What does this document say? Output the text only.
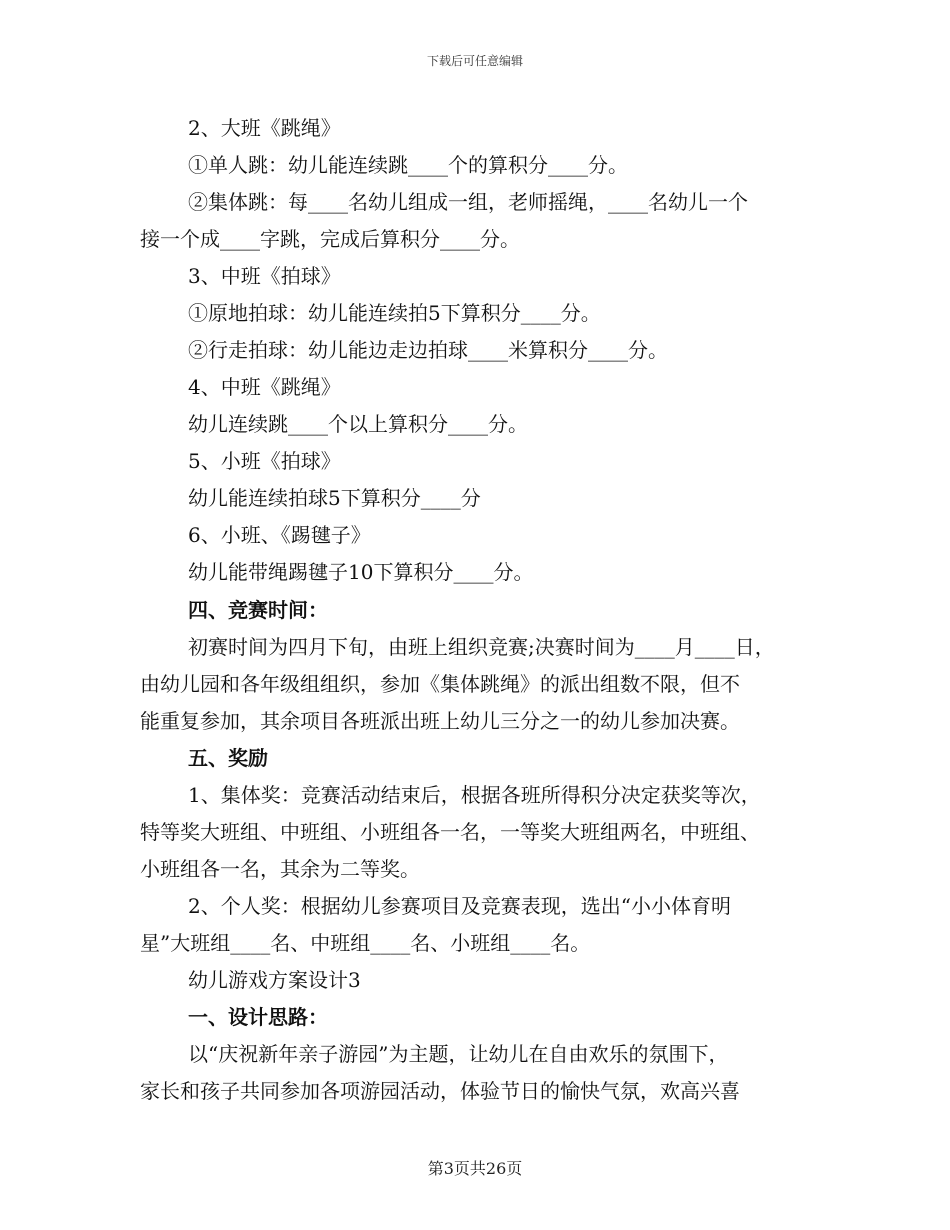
下载后可任意编辑
2、大班《跳绳》
①单人跳：幼儿能连续跳____个的算积分____分。
②集体跳：每____名幼儿组成一组，老师摇绳，____名幼儿一个
接一个成____字跳，完成后算积分____分。
3、中班《拍球》
①原地拍球：幼儿能连续拍5下算积分____分。
②行走拍球：幼儿能边走边拍球____米算积分____分。
4、中班《跳绳》
幼儿连续跳____个以上算积分____分。
5、小班《拍球》
幼儿能连续拍球5下算积分____分
6、小班、《踢毽子》
幼儿能带绳踢毽子10下算积分____分。
四、竞赛时间：
初赛时间为四月下旬，由班上组织竞赛;决赛时间为____月____日，
由幼儿园和各年级组组织，参加《集体跳绳》的派出组数不限，但不
能重复参加，其余项目各班派出班上幼儿三分之一的幼儿参加决赛。
五、奖励
1、集体奖：竞赛活动结束后，根据各班所得积分决定获奖等次，
特等奖大班组、中班组、小班组各一名，一等奖大班组两名，中班组、
小班组各一名，其余为二等奖。
2、个人奖：根据幼儿参赛项目及竞赛表现，选出“小小体育明
星”大班组____名、中班组____名、小班组____名。
幼儿游戏方案设计3
一、设计思路：
以“庆祝新年亲子游园”为主题，让幼儿在自由欢乐的氛围下，
家长和孩子共同参加各项游园活动，体验节日的愉快气氛，欢高兴喜
第3页共26页
